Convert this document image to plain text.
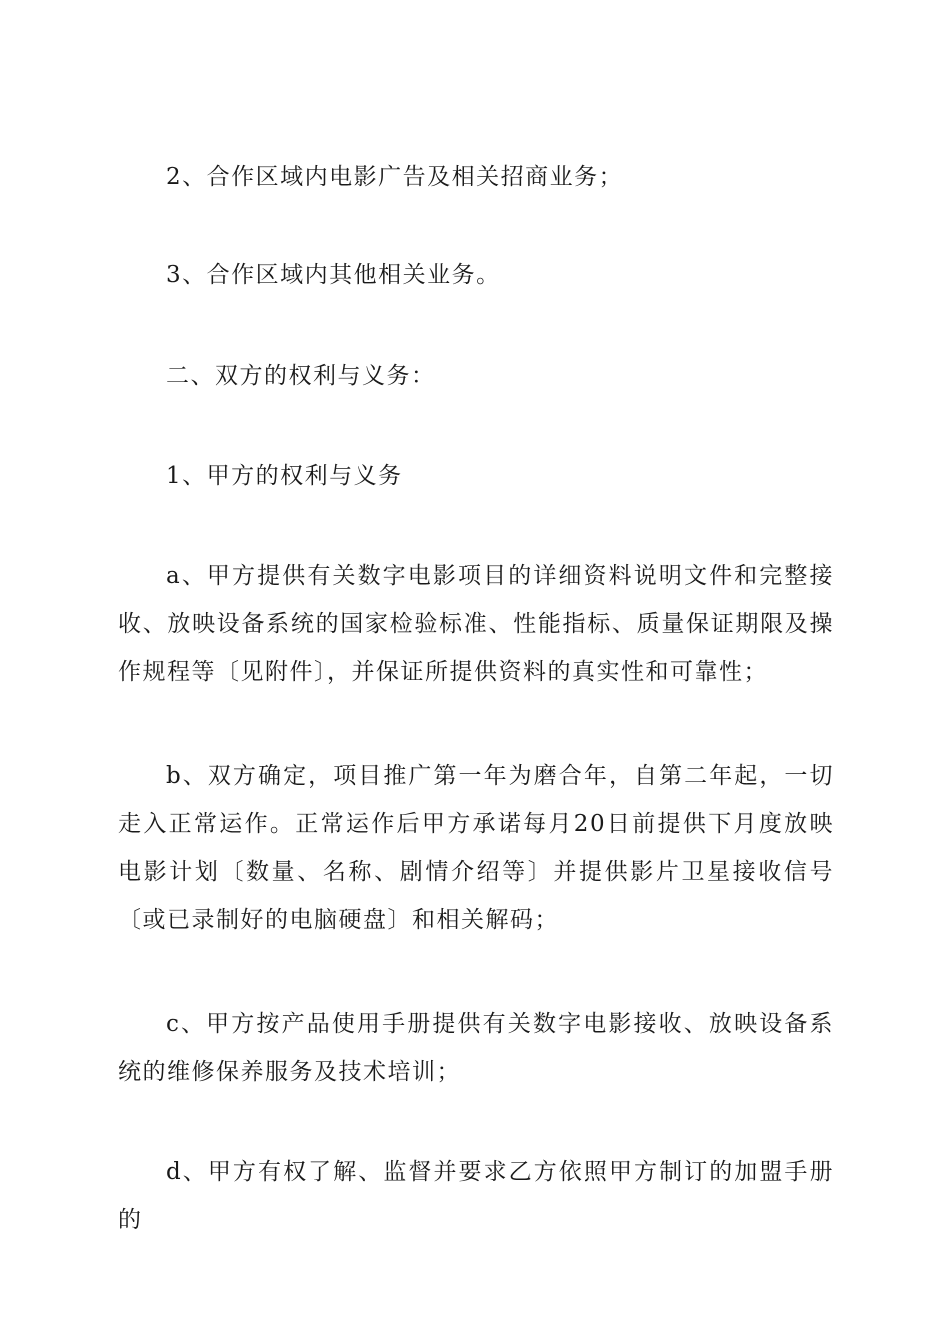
2、合作区域内电影广告及相关招商业务；

3、合作区域内其他相关业务。

二、双方的权利与义务：

1、甲方的权利与义务

a、甲方提供有关数字电影项目的详细资料说明文件和完整接收、放映设备系统的国家检验标准、性能指标、质量保证期限及操作规程等〔见附件〕，并保证所提供资料的真实性和可靠性；

b、双方确定，项目推广第一年为磨合年，自第二年起，一切走入正常运作。正常运作后甲方承诺每月20日前提供下月度放映电影计划〔数量、名称、剧情介绍等〕并提供影片卫星接收信号〔或已录制好的电脑硬盘〕和相关解码；

c、甲方按产品使用手册提供有关数字电影接收、放映设备系统的维修保养服务及技术培训；

d、甲方有权了解、监督并要求乙方依照甲方制订的加盟手册的
